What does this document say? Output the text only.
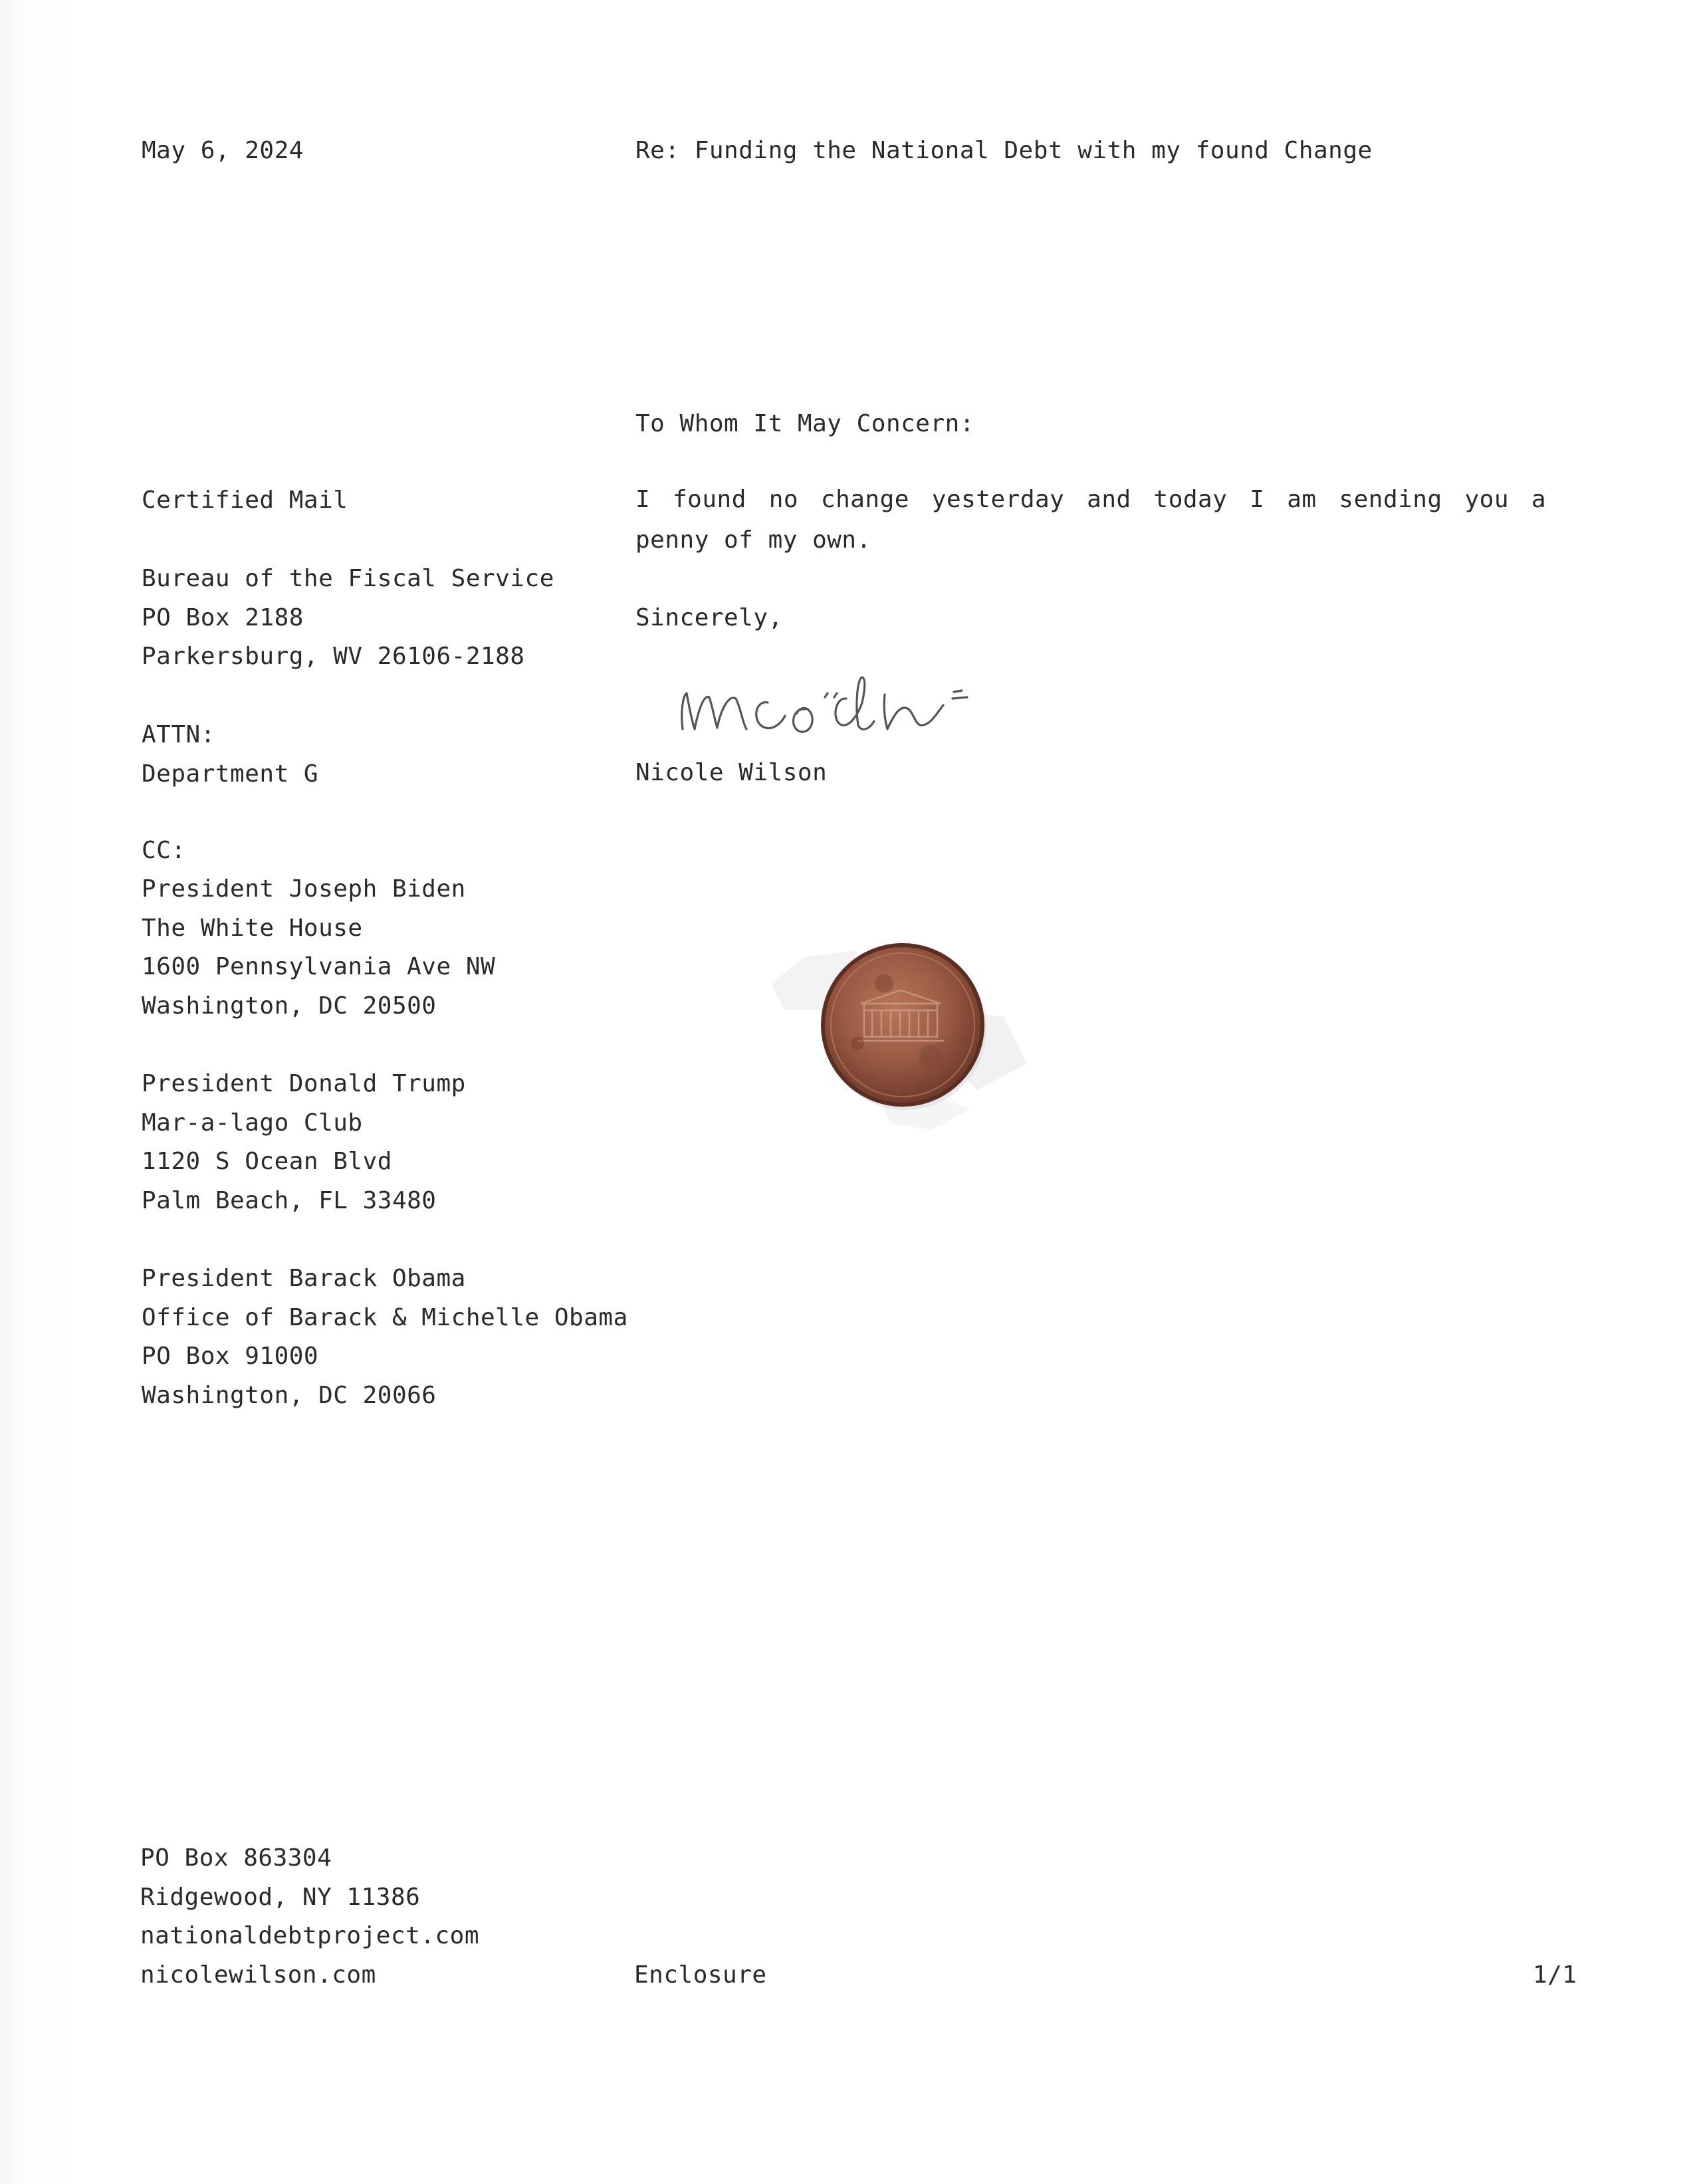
May 6, 2024	Re: Funding the National Debt with my found Change
To Whom It May Concern:
Certified Mail
Bureau of the Fiscal Service
PO Box 2188
Parkersburg, WV 26106-2188
ATTN:
Department G
CC:
President Joseph Biden
The White House
1600 Pennsylvania Ave NW
Washington, DC 20500
President Donald Trump
Mar-a-lago Club
1120 S Ocean Blvd
Palm Beach, FL 33480
President Barack Obama
Office of Barack & Michelle Obama
PO Box 91000
Washington, DC 20066
I found no change yesterday and today I am sending you a penny of my own.
Sincerely,
Nicole Wilson
PO Box 863304
Ridgewood, NY 11386
nationaldebtproject.com
nicolewilson.com	Enclosure	1/1
